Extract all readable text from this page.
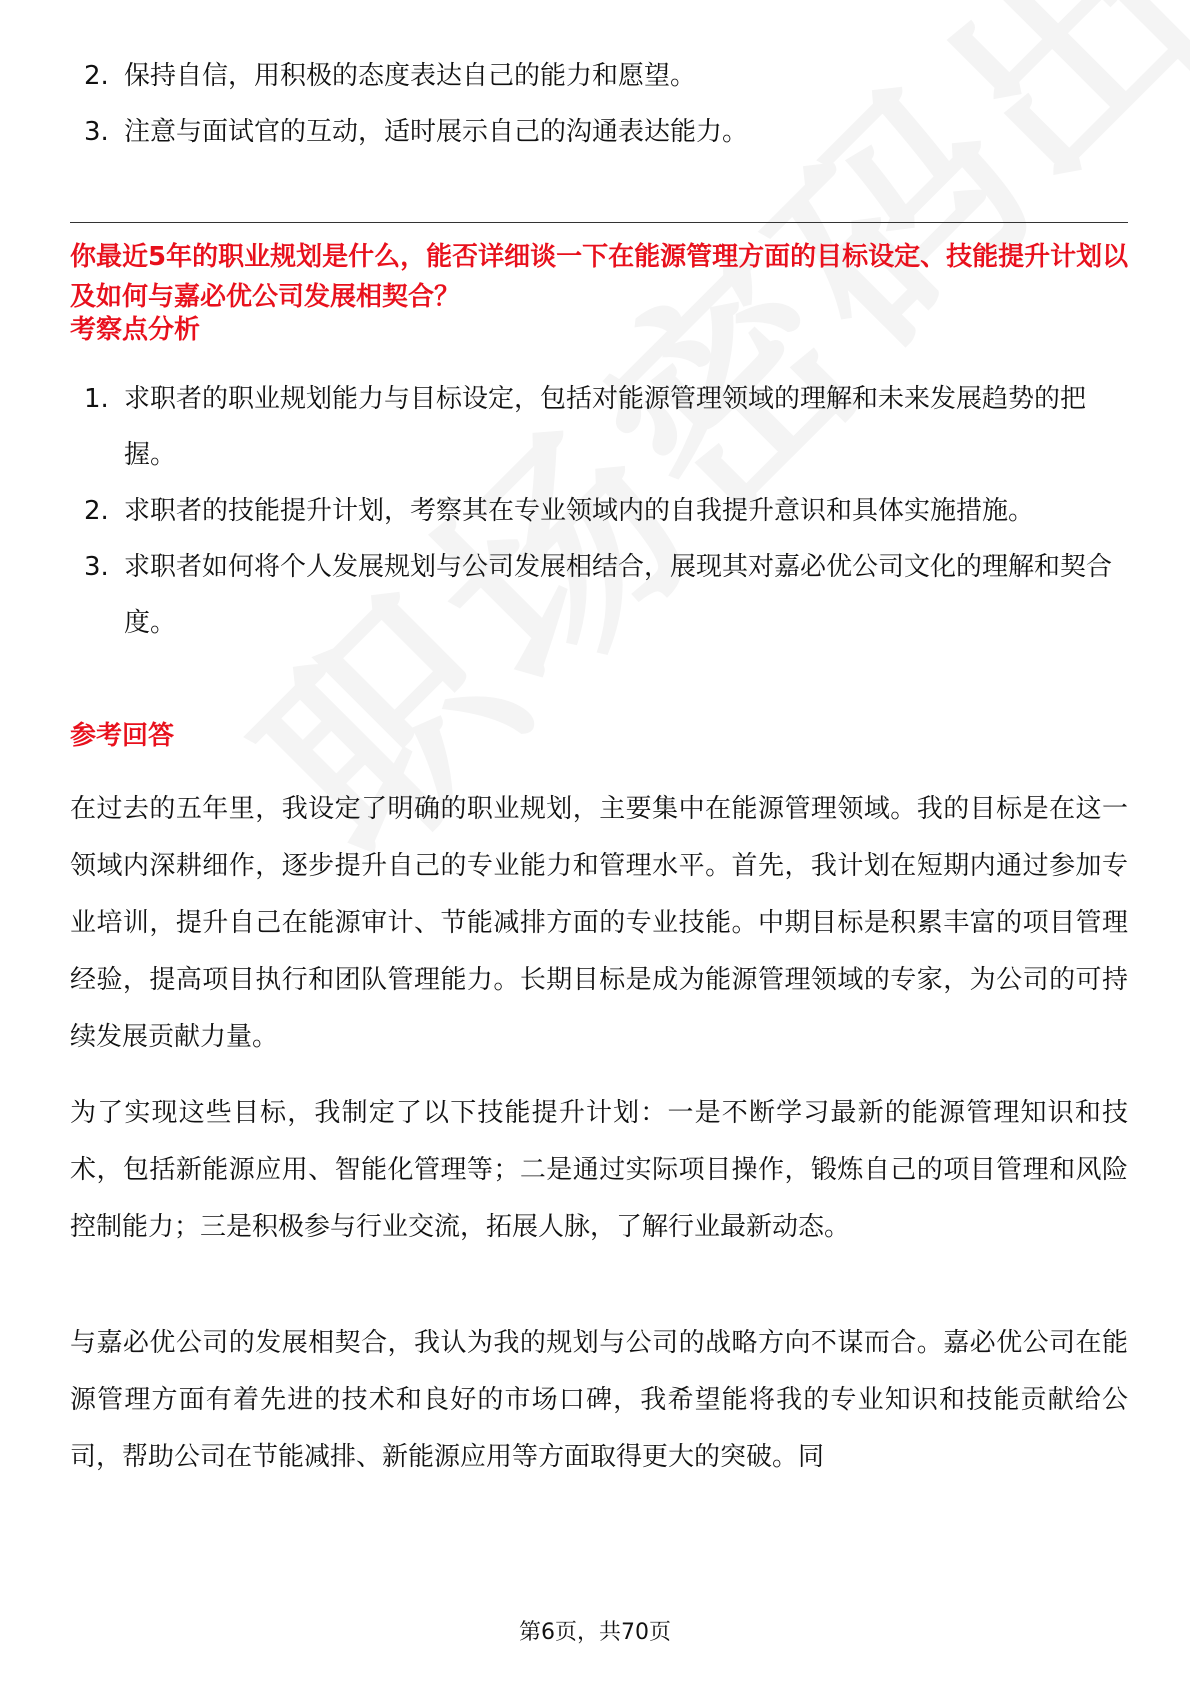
2. 保持自信，用积极的态度表达自己的能力和愿望。
3. 注意与面试官的互动，适时展示自己的沟通表达能力。
你最近5年的职业规划是什么，能否详细谈一下在能源管理方面的目标设定、技能提升计划以及如何与嘉必优公司发展相契合？
考察点分析
1. 求职者的职业规划能力与目标设定，包括对能源管理领域的理解和未来发展趋势的把握。
2. 求职者的技能提升计划，考察其在专业领域内的自我提升意识和具体实施措施。
3. 求职者如何将个人发展规划与公司发展相结合，展现其对嘉必优公司文化的理解和契合度。
参考回答

在过去的五年里，我设定了明确的职业规划，主要集中在能源管理领域。我的目标是在这一领域内深耕细作，逐步提升自己的专业能力和管理水平。首先，我计划在短期内通过参加专业培训，提升自己在能源审计、节能减排方面的专业技能。中期目标是积累丰富的项目管理经验，提高项目执行和团队管理能力。长期目标是成为能源管理领域的专家，为公司的可持续发展贡献力量。

为了实现这些目标，我制定了以下技能提升计划：一是不断学习最新的能源管理知识和技术，包括新能源应用、智能化管理等；二是通过实际项目操作，锻炼自己的项目管理和风险控制能力；三是积极参与行业交流，拓展人脉，了解行业最新动态。

与嘉必优公司的发展相契合，我认为我的规划与公司的战略方向不谋而合。嘉必优公司在能源管理方面有着先进的技术和良好的市场口碑，我希望能将我的专业知识和技能贡献给公司，帮助公司在节能减排、新能源应用等方面取得更大的突破。同

第6页，共70页
